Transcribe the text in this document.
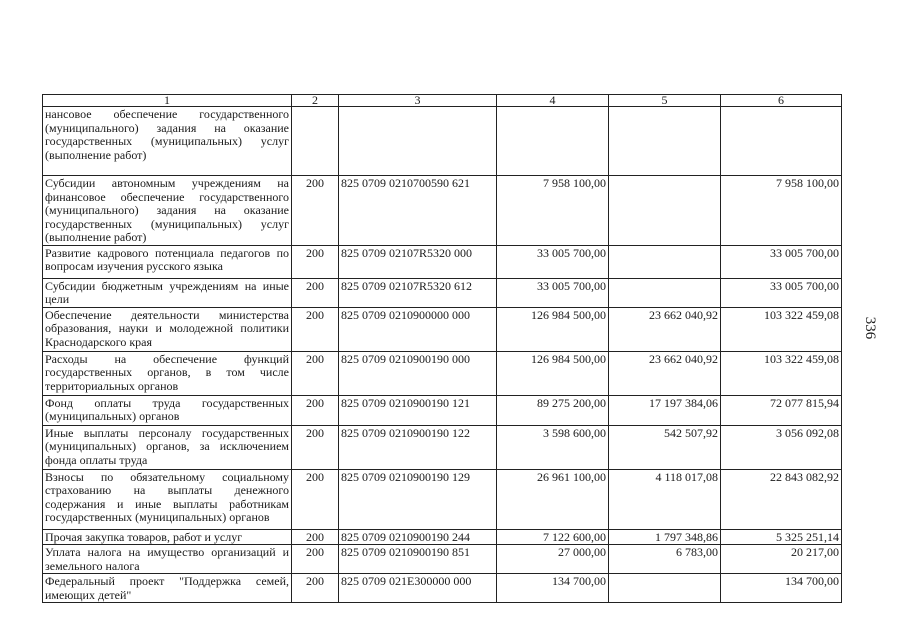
1	2	3	4	5	6
нансовое обеспечение государственного (муниципального) задания на оказание государственных (муниципальных) услуг (выполнение работ)					
Субсидии автономным учреждениям на финансовое обеспечение государственного (муниципального) задания на оказание государственных (муниципальных) услуг (выполнение работ)	200	825 0709 0210700590 621	7 958 100,00		7 958 100,00
Развитие кадрового потенциала педагогов по вопросам изучения русского языка	200	825 0709 02107R5320 000	33 005 700,00		33 005 700,00
Субсидии бюджетным учреждениям на иные цели	200	825 0709 02107R5320 612	33 005 700,00		33 005 700,00
Обеспечение деятельности министерства образования, науки и молодежной политики Краснодарского края	200	825 0709 0210900000 000	126 984 500,00	23 662 040,92	103 322 459,08
Расходы на обеспечение функций государственных органов, в том числе территориальных органов	200	825 0709 0210900190 000	126 984 500,00	23 662 040,92	103 322 459,08
Фонд оплаты труда государственных (муниципальных) органов	200	825 0709 0210900190 121	89 275 200,00	17 197 384,06	72 077 815,94
Иные выплаты персоналу государственных (муниципальных) органов, за исключением фонда оплаты труда	200	825 0709 0210900190 122	3 598 600,00	542 507,92	3 056 092,08
Взносы по обязательному социальному страхованию на выплаты денежного содержания и иные выплаты работникам государственных (муниципальных) органов	200	825 0709 0210900190 129	26 961 100,00	4 118 017,08	22 843 082,92
Прочая закупка товаров, работ и услуг	200	825 0709 0210900190 244	7 122 600,00	1 797 348,86	5 325 251,14
Уплата налога на имущество организаций и земельного налога	200	825 0709 0210900190 851	27 000,00	6 783,00	20 217,00
Федеральный проект "Поддержка семей, имеющих детей"	200	825 0709 021E300000 000	134 700,00		134 700,00
336
